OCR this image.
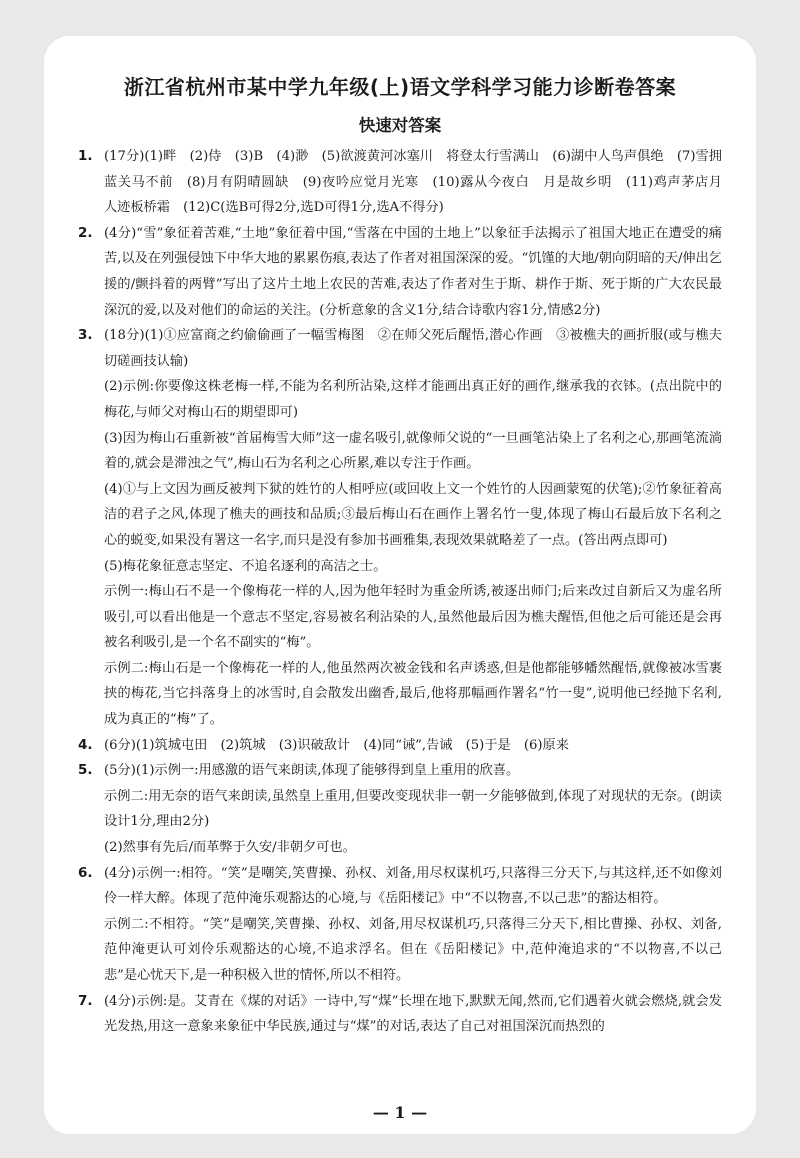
浙江省杭州市某中学九年级(上)语文学科学习能力诊断卷答案
快速对答案
1. (17分)(1)畔　(2)侍　(3)B　(4)渺　(5)欲渡黄河冰塞川　将登太行雪满山　(6)湖中人鸟声俱绝　(7)雪拥蓝关马不前　(8)月有阴晴圆缺　(9)夜吟应觉月光寒　(10)露从今夜白　月是故乡明　(11)鸡声茅店月　人迹板桥霜　(12)C(选B可得2分,选D可得1分,选A不得分)

2. (4分)“雪”象征着苦难,“土地”象征着中国,“雪落在中国的土地上”以象征手法揭示了祖国大地正在遭受的痛苦,以及在列强侵蚀下中华大地的累累伤痕,表达了作者对祖国深深的爱。“饥馑的大地/朝向阴暗的天/伸出乞援的/颤抖着的两臂”写出了这片土地上农民的苦难,表达了作者对生于斯、耕作于斯、死于斯的广大农民最深沉的爱,以及对他们的命运的关注。(分析意象的含义1分,结合诗歌内容1分,情感2分)

3. (18分)(1)①应富商之约偷偷画了一幅雪梅图　②在师父死后醒悟,潜心作画　③被樵夫的画折服(或与樵夫切磋画技认输)

(2)示例:你要像这株老梅一样,不能为名利所沾染,这样才能画出真正好的画作,继承我的衣钵。(点出院中的梅花,与师父对梅山石的期望即可)

(3)因为梅山石重新被“首届梅雪大师”这一虚名吸引,就像师父说的“一旦画笔沾染上了名利之心,那画笔流淌着的,就会是滞浊之气”,梅山石为名利之心所累,难以专注于作画。

(4)①与上文因为画反被判下狱的姓竹的人相呼应(或回收上文一个姓竹的人因画蒙冤的伏笔);②竹象征着高洁的君子之风,体现了樵夫的画技和品质;③最后梅山石在画作上署名竹一叟,体现了梅山石最后放下名利之心的蜕变,如果没有署这一名字,而只是没有参加书画雅集,表现效果就略差了一点。(答出两点即可)

(5)梅花象征意志坚定、不追名逐利的高洁之士。

示例一:梅山石不是一个像梅花一样的人,因为他年轻时为重金所诱,被逐出师门;后来改过自新后又为虚名所吸引,可以看出他是一个意志不坚定,容易被名利沾染的人,虽然他最后因为樵夫醒悟,但他之后可能还是会再被名利吸引,是一个名不副实的“梅”。

示例二:梅山石是一个像梅花一样的人,他虽然两次被金钱和名声诱惑,但是他都能够幡然醒悟,就像被冰雪裹挟的梅花,当它抖落身上的冰雪时,自会散发出幽香,最后,他将那幅画作署名“竹一叟”,说明他已经抛下名利,成为真正的“梅”了。

4. (6分)(1)筑城屯田　(2)筑城　(3)识破敌计　(4)同“诫”,告诫　(5)于是　(6)原来

5. (5分)(1)示例一:用感激的语气来朗读,体现了能够得到皇上重用的欣喜。

示例二:用无奈的语气来朗读,虽然皇上重用,但要改变现状非一朝一夕能够做到,体现了对现状的无奈。(朗读设计1分,理由2分)

(2)然事有先后/而革弊于久安/非朝夕可也。

6. (4分)示例一:相符。“笑”是嘲笑,笑曹操、孙权、刘备,用尽权谋机巧,只落得三分天下,与其这样,还不如像刘伶一样大醉。体现了范仲淹乐观豁达的心境,与《岳阳楼记》中“不以物喜,不以己悲”的豁达相符。

示例二:不相符。“笑”是嘲笑,笑曹操、孙权、刘备,用尽权谋机巧,只落得三分天下,相比曹操、孙权、刘备,范仲淹更认可刘伶乐观豁达的心境,不追求浮名。但在《岳阳楼记》中,范仲淹追求的“不以物喜,不以己悲”是心忧天下,是一种积极入世的情怀,所以不相符。

7. (4分)示例:是。艾青在《煤的对话》一诗中,写“煤”长埋在地下,默默无闻,然而,它们遇着火就会燃烧,就会发光发热,用这一意象来象征中华民族,通过与“煤”的对话,表达了自己对祖国深沉而热烈的

— 1 —
